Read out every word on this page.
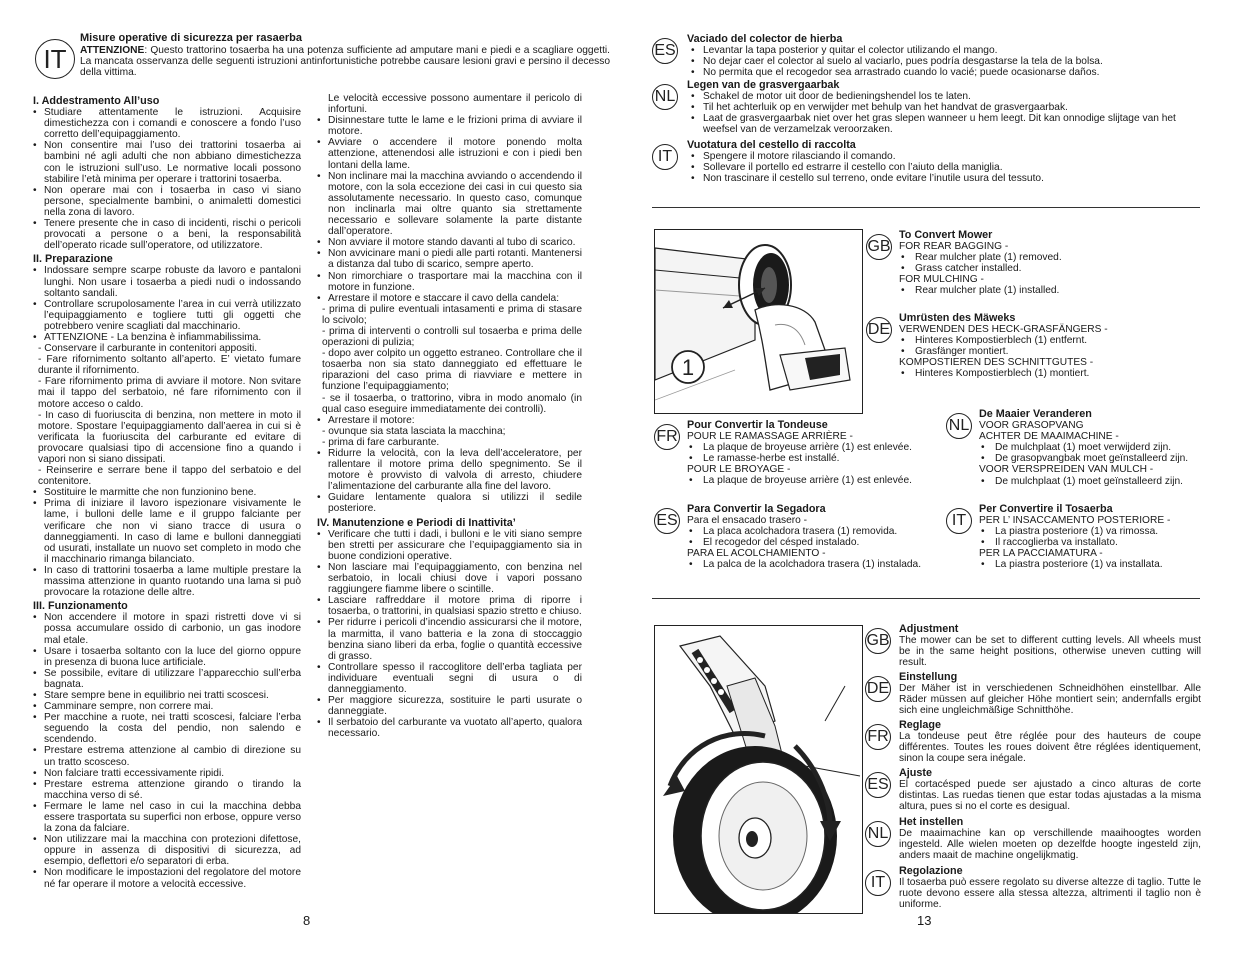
IT

Misure operative di sicurezza per rasaerba

ATTENZIONE: Questo trattorino tosaerba ha una potenza sufficiente ad amputare mani e piedi e a scagliare oggetti. La mancata osservanza delle seguenti istruzioni antinfortunistiche potrebbe causare lesioni gravi e persino il decesso della vittima.

I. Addestramento All’uso

• Studiare attentamente le istruzioni. Acquisire dimestichezza con i comandi e conoscere a fondo l’uso corretto dell’equipaggiamento.
• Non consentire mai l’uso dei trattorini tosaerba ai bambini né agli adulti che non abbiano dimestichezza con le istruzioni sull’uso. Le normative locali possono stabilire l’età minima per operare i trattorini tosaerba.
• Non operare mai con i tosaerba in caso vi siano persone, specialmente bambini, o animaletti domestici nella zona di lavoro.
• Tenere presente che in caso di incidenti, rischi o pericoli provocati a persone o a beni, la responsabilità dell’operato ricade sull’operatore, od utilizzatore.

II. Preparazione

• Indossare sempre scarpe robuste da lavoro e pantaloni lunghi. Non usare i tosaerba a piedi nudi o indossando soltanto sandali.
• Controllare scrupolosamente l’area in cui verrà utilizzato l’equipaggiamento e togliere tutti gli oggetti che potrebbero venire scagliati dal macchinario.
• ATTENZIONE - La benzina è infiammabilissima.
- Conservare il carburante in contenitori appositi.
- Fare rifornimento soltanto all’aperto. E’ vietato fumare durante il rifornimento.
- Fare rifornimento prima di avviare il motore. Non svitare mai il tappo del serbatoio, né fare rifornimento con il motore acceso o caldo.
- In caso di fuoriuscita di benzina, non mettere in moto il motore. Spostare l’equipaggiamento dall’aerea in cui si è verificata la fuoriuscita del carburante ed evitare di provocare qualsiasi tipo di accensione fino a quando i vapori non si siano dissipati.
- Reinserire e serrare bene il tappo del serbatoio e del contenitore.
• Sostituire le marmitte che non funzionino bene.
• Prima di iniziare il lavoro ispezionare visivamente le lame, i bulloni delle lame e il gruppo falciante per verificare che non vi siano tracce di usura o danneggiamenti. In caso di lame e bulloni danneggiati od usurati, installate un nuovo set completo in modo che il macchinario rimanga bilanciato.
• In caso di trattorini tosaerba a lame multiple prestare la massima attenzione in quanto ruotando una lama si può provocare la rotazione delle altre.

III. Funzionamento

• Non accendere il motore in spazi ristretti dove vi si possa accumulare ossido di carbonio, un gas inodore mal etale.
• Usare i tosaerba soltanto con la luce del giorno oppure in presenza di buona luce artificiale.
• Se possibile, evitare di utilizzare l’apparecchio sull’erba bagnata.
• Stare sempre bene in equilibrio nei tratti scoscesi.
• Camminare sempre, non correre mai.
• Per macchine a ruote, nei tratti scoscesi, falciare l’erba seguendo la costa del pendio, non salendo e scendendo.
• Prestare estrema attenzione al cambio di direzione su un tratto scosceso.
• Non falciare tratti eccessivamente ripidi.
• Prestare estrema attenzione girando o tirando la macchina verso di sé.
• Fermare le lame nel caso in cui la macchina debba essere trasportata su superfici non erbose, oppure verso la zona da falciare.
• Non utilizzare mai la macchina con protezioni difettose, oppure in assenza di dispositivi di sicurezza, ad esempio, deflettori e/o separatori di erba.
• Non modificare le impostazioni del regolatore del motore né far operare il motore a velocità eccessive.

Le velocità eccessive possono aumentare il pericolo di infortuni.

• Disinnestare tutte le lame e le frizioni prima di avviare il motore.
• Avviare o accendere il motore ponendo molta attenzione, attenendosi alle istruzioni e con i piedi ben lontani della lame.
• Non inclinare mai la macchina avviando o accendendo il motore, con la sola eccezione dei casi in cui questo sia assolutamente necessario. In questo caso, comunque non inclinarla mai oltre quanto sia strettamente necessario e sollevare solamente la parte distante dall’operatore.
• Non avviare il motore stando davanti al tubo di scarico.
• Non avvicinare mani o piedi alle parti rotanti. Mantenersi a distanza dal tubo di scarico, sempre aperto.
• Non rimorchiare o trasportare mai la macchina con il motore in funzione.
• Arrestare il motore e staccare il cavo della candela:
- prima di pulire eventuali intasamenti e prima di stasare lo scivolo;
- prima di interventi o controlli sul tosaerba e prima delle operazioni di pulizia;
- dopo aver colpito un oggetto estraneo. Controllare che il tosaerba non sia stato danneggiato ed effettuare le riparazioni del caso prima di riavviare e mettere in funzione l’equipaggiamento;
- se il tosaerba, o trattorino, vibra in modo anomalo (in qual caso eseguire immediatamente dei controlli).
• Arrestare il motore:
- ovunque sia stata lasciata la macchina;
- prima di fare carburante.
• Ridurre la velocità, con la leva dell’acceleratore, per rallentare il motore prima dello spegnimento. Se il motore è provvisto di valvola di arresto, chiudere l’alimentazione del carburante alla fine del lavoro.
• Guidare lentamente qualora si utilizzi il sedile posteriore.

IV. Manutenzione e Periodi di Inattivita’

• Verificare che tutti i dadi, i bulloni e le viti siano sempre ben stretti per assicurare che l’equipaggiamento sia in buone condizioni operative.
• Non lasciare mai l’equipaggiamento, con benzina nel serbatoio, in locali chiusi dove i vapori possano raggiungere fiamme libere o scintille.
• Lasciare raffreddare il motore prima di riporre i tosaerba, o trattorini, in qualsiasi spazio stretto e chiuso.
• Per ridurre i pericoli d’incendio assicurarsi che il motore, la marmitta, il vano batteria e la zona di stoccaggio benzina siano liberi da erba, foglie o quantità eccessive di grasso.
• Controllare spesso il raccoglitore dell’erba tagliata per individuare eventuali segni di usura o di danneggiamento.
• Per maggiore sicurezza, sostituire le parti usurate o danneggiate.
• Il serbatoio del carburante va vuotato all’aperto, qualora necessario.
8
ES

Vaciado del colector de hierba

• Levantar la tapa posterior y quitar el colector utilizando el mango.
• No dejar caer el colector al suelo al vaciarlo, pues podría desgastarse la tela de la bolsa.
• No permita que el recogedor sea arrastrado cuando lo vacié; puede ocasionarse daños.
NL

Legen van de grasvergaarbak

• Schakel de motor uit door de bedieningshendel los te laten.
• Til het achterluik op en verwijder met behulp van het handvat de grasvergaarbak.
• Laat de grasvergaarbak niet over het gras slepen wanneer u hem leegt. Dit kan onnodige slijtage van het weefsel van de verzamelzak veroorzaken.
IT

Vuotatura del cestello di raccolta

• Spengere il motore rilasciando il comando.
• Sollevare il portello ed estrarre il cestello con l’aiuto della maniglia.
• Non trascinare il cestello sul terreno, onde evitare l’inutile usura del tessuto.
1
GB

To Convert Mower

FOR REAR BAGGING -

• Rear mulcher plate (1) removed.
• Grass catcher installed.

FOR MULCHING -

• Rear mulcher plate (1) installed.
DE

Umrüsten des Mäweks

VERWENDEN DES HECK-GRASFÄNGERS -

• Hinteres Kompostierblech (1) entfernt.
• Grasfänger montiert.

KOMPOSTIEREN DES SCHNITTGUTES -

• Hinteres Kompostierblech (1) montiert.
FR

Pour Convertir la Tondeuse

POUR LE RAMASSAGE ARRIÈRE -

• La plaque de broyeuse arrière (1) est enlevée.
• Le ramasse-herbe est installé.

POUR LE BROYAGE -

• La plaque de broyeuse arrière (1) est enlevée.
NL

De Maaier Veranderen

VOOR GRASOPVANG

ACHTER DE MAAIMACHINE -

• De mulchplaat (1) moet verwijderd zijn.
• De grasopvangbak moet geïnstalleerd zijn.

VOOR VERSPREIDEN VAN MULCH -

• De mulchplaat (1) moet geïnstalleerd zijn.
ES

Para Convertir la Segadora

Para el ensacado trasero -

• La placa acolchadora trasera (1) removida.
• El recogedor del césped instalado.

PARA EL ACOLCHAMIENTO -

• La palca de la acolchadora trasera (1) instalada.
IT

Per Convertire il Tosaerba

PER L’ INSACCAMENTO POSTERIORE -

• La piastra posteriore (1) va rimossa.
• Il raccoglierba va installato.

PER LA PACCIAMATURA -

• La piastra posteriore (1) va installata.
GB

Adjustment

The mower can be set to different cutting levels. All wheels must be in the same height positions, otherwise uneven cutting will result.

DE

Einstellung

Der Mäher ist in verschiedenen Schneidhöhen einstellbar. Alle Räder müssen auf gleicher Höhe montiert sein; andernfalls ergibt sich eine ungleichmäßige Schnitthöhe.

FR

Reglage

La tondeuse peut être réglée pour des hauteurs de coupe différentes. Toutes les roues doivent être réglées identiquement, sinon la coupe sera inégale.

ES

Ajuste

El cortacésped puede ser ajustado a cinco alturas de corte distintas. Las ruedas tienen que estar todas ajustadas a la misma altura, pues si no el corte es desigual.

NL

Het instellen

De maaimachine kan op verschillende maaihoogtes worden ingesteld. Alle wielen moeten op dezelfde hoogte ingesteld zijn, anders maait de machine ongelijkmatig.

IT

Regolazione

Il tosaerba può essere regolato su diverse altezze di taglio. Tutte le ruote devono essere alla stessa altezza, altrimenti il taglio non è uniforme.

13
